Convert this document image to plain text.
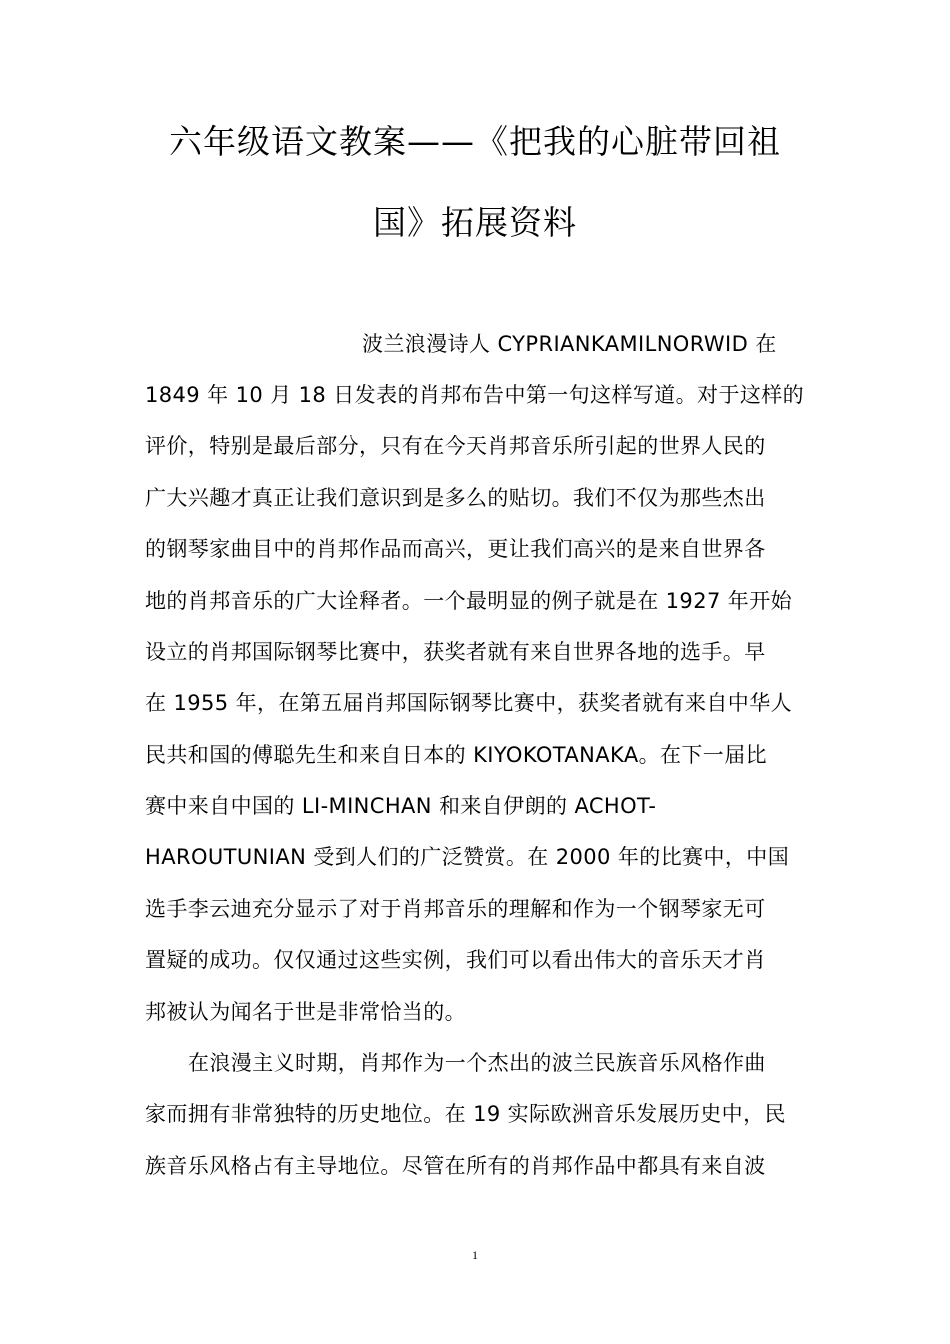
六年级语文教案——《把我的心脏带回祖
国》拓展资料
波兰浪漫诗人 CYPRIANKAMILNORWID 在
1849 年 10 月 18 日发表的肖邦布告中第一句这样写道。对于这样的
评价，特别是最后部分，只有在今天肖邦音乐所引起的世界人民的
广大兴趣才真正让我们意识到是多么的贴切。我们不仅为那些杰出
的钢琴家曲目中的肖邦作品而高兴，更让我们高兴的是来自世界各
地的肖邦音乐的广大诠释者。一个最明显的例子就是在 1927 年开始
设立的肖邦国际钢琴比赛中，获奖者就有来自世界各地的选手。早
在 1955 年，在第五届肖邦国际钢琴比赛中，获奖者就有来自中华人
民共和国的傅聪先生和来自日本的 KIYOKOTANAKA。在下一届比
赛中来自中国的 LI-MINCHAN 和来自伊朗的 ACHOT-
HAROUTUNIAN 受到人们的广泛赞赏。在 2000 年的比赛中，中国
选手李云迪充分显示了对于肖邦音乐的理解和作为一个钢琴家无可
置疑的成功。仅仅通过这些实例，我们可以看出伟大的音乐天才肖
邦被认为闻名于世是非常恰当的。
在浪漫主义时期，肖邦作为一个杰出的波兰民族音乐风格作曲
家而拥有非常独特的历史地位。在 19 实际欧洲音乐发展历史中，民
族音乐风格占有主导地位。尽管在所有的肖邦作品中都具有来自波
1
